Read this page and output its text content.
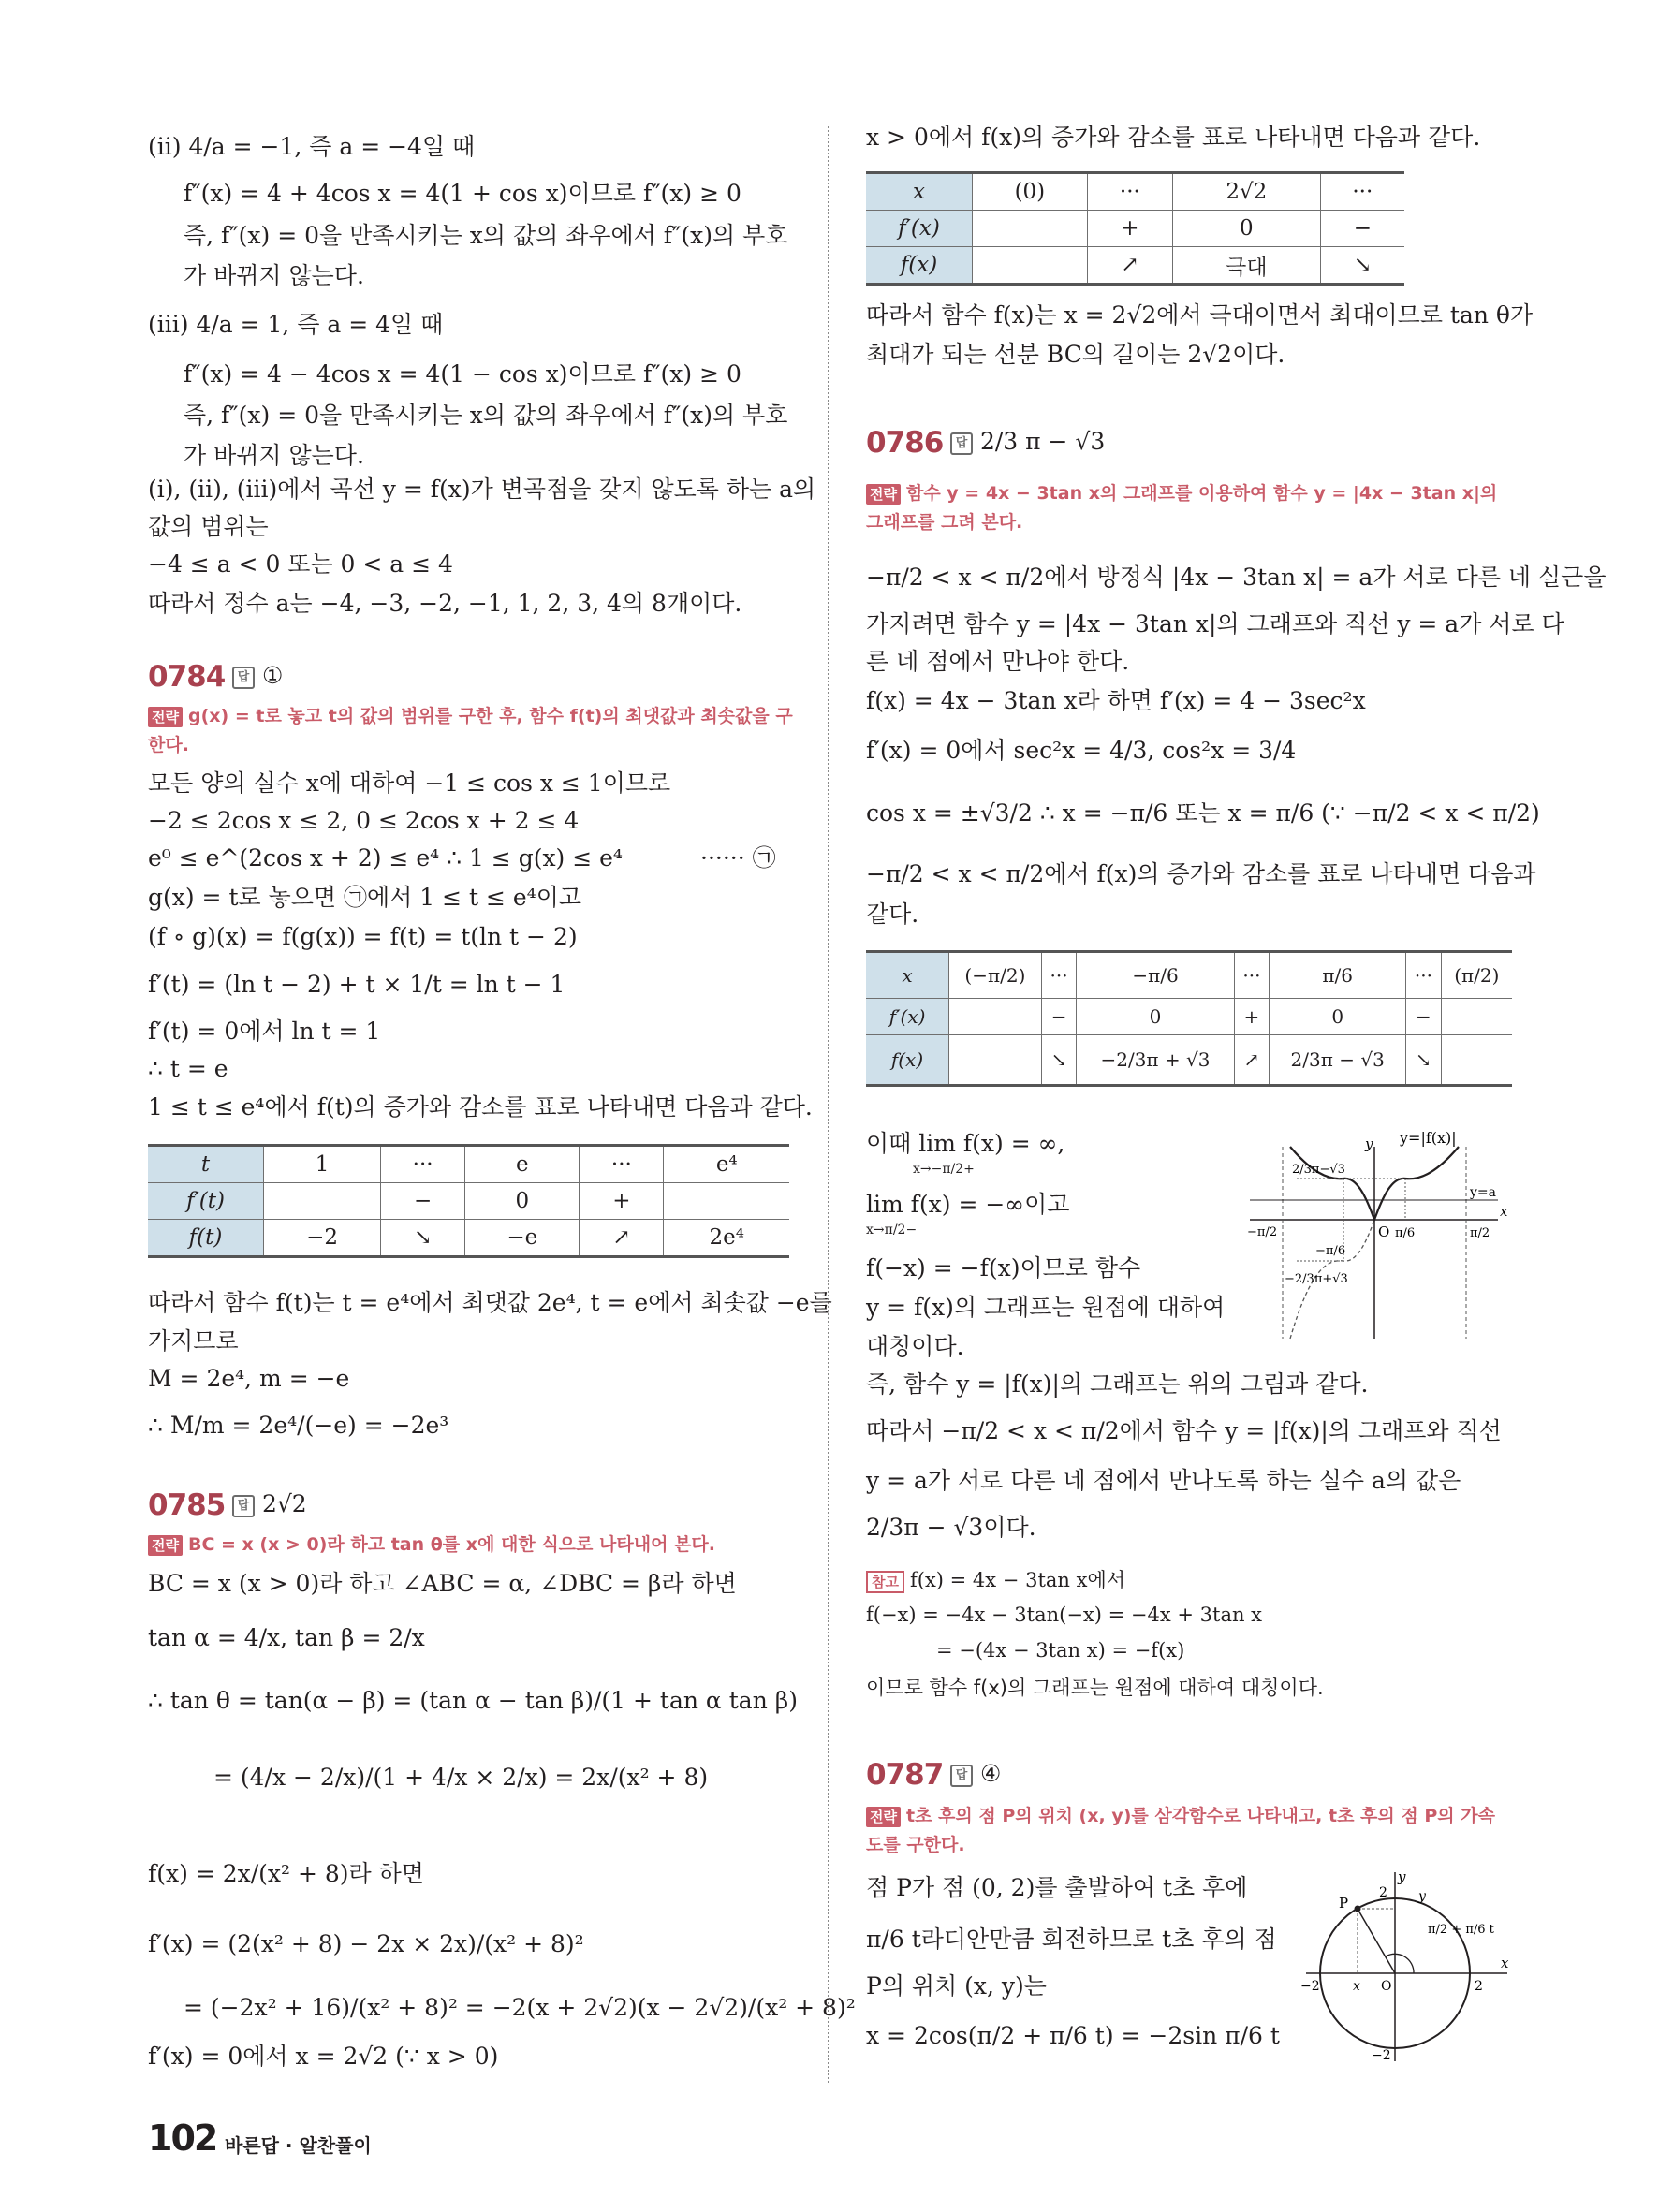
(ii) 4/a = −1, 즉 a = −4일 때
f″(x) = 4 + 4cos x = 4(1 + cos x)이므로 f″(x) ≥ 0
즉, f″(x) = 0을 만족시키는 x의 값의 좌우에서 f″(x)의 부호
가 바뀌지 않는다.
(iii) 4/a = 1, 즉 a = 4일 때
f″(x) = 4 − 4cos x = 4(1 − cos x)이므로 f″(x) ≥ 0
즉, f″(x) = 0을 만족시키는 x의 값의 좌우에서 f″(x)의 부호
가 바뀌지 않는다.
(i), (ii), (iii)에서 곡선 y = f(x)가 변곡점을 갖지 않도록 하는 a의
값의 범위는
−4 ≤ a < 0 또는 0 < a ≤ 4
따라서 정수 a는 −4, −3, −2, −1, 1, 2, 3, 4의 8개이다.
0784	답 ①
전략 g(x) = t로 놓고 t의 값의 범위를 구한 후, 함수 f(t)의 최댓값과 최솟값을 구한다.
모든 양의 실수 x에 대하여 −1 ≤ cos x ≤ 1이므로
−2 ≤ 2cos x ≤ 2, 0 ≤ 2cos x + 2 ≤ 4
e⁰ ≤ e^(2cos x + 2) ≤ e⁴ ∴ 1 ≤ g(x) ≤ e⁴	······ ㉠
g(x) = t로 놓으면 ㉠에서 1 ≤ t ≤ e⁴이고
(f ∘ g)(x) = f(g(x)) = f(t) = t(ln t − 2)
f′(t) = (ln t − 2) + t × 1/t = ln t − 1
f′(t) = 0에서 ln t = 1
∴ t = e
1 ≤ t ≤ e⁴에서 f(t)의 증가와 감소를 표로 나타내면 다음과 같다.
t	1	···	e	···	e⁴
f′(t)		−	0	+	
f(t)	−2	↘	−e	↗	2e⁴
따라서 함수 f(t)는 t = e⁴에서 최댓값 2e⁴, t = e에서 최솟값 −e를
가지므로
M = 2e⁴, m = −e
∴ M/m = 2e⁴/(−e) = −2e³
0785	답 2√2
전략 BC = x (x > 0)라 하고 tan θ를 x에 대한 식으로 나타내어 본다.
BC = x (x > 0)라 하고 ∠ABC = α, ∠DBC = β라 하면
tan α = 4/x, tan β = 2/x
∴ tan θ = tan(α − β) = (tan α − tan β)/(1 + tan α tan β)
= (4/x − 2/x)/(1 + 4/x × 2/x) = 2x/(x² + 8)
f(x) = 2x/(x² + 8)라 하면
f′(x) = (2(x² + 8) − 2x × 2x)/(x² + 8)²
= (−2x² + 16)/(x² + 8)² = −2(x + 2√2)(x − 2√2)/(x² + 8)²
f′(x) = 0에서 x = 2√2 (∵ x > 0)
x > 0에서 f(x)의 증가와 감소를 표로 나타내면 다음과 같다.
x	(0)	···	2√2	···
f′(x)		+	0	−
f(x)		↗	극대	↘
따라서 함수 f(x)는 x = 2√2에서 극대이면서 최대이므로 tan θ가
최대가 되는 선분 BC의 길이는 2√2이다.
0786	답 2/3 π − √3
전략 함수 y = 4x − 3tan x의 그래프를 이용하여 함수 y = |4x − 3tan x|의 그래프를 그려 본다.
−π/2 < x < π/2에서 방정식 |4x − 3tan x| = a가 서로 다른 네 실근을
가지려면 함수 y = |4x − 3tan x|의 그래프와 직선 y = a가 서로 다
른 네 점에서 만나야 한다.
f(x) = 4x − 3tan x라 하면 f′(x) = 4 − 3sec²x
f′(x) = 0에서 sec²x = 4/3, cos²x = 3/4
cos x = ±√3/2 ∴ x = −π/6 또는 x = π/6 (∵ −π/2 < x < π/2)
−π/2 < x < π/2에서 f(x)의 증가와 감소를 표로 나타내면 다음과
같다.
x	(−π/2)	···	−π/6	···	π/6	···	(π/2)
f′(x)		−	0	+	0	−	
f(x)		↘	−2/3π + √3	↗	2/3π − √3	↘	
이때 lim f(x) = ∞,
x→−π/2+
lim f(x) = −∞이고
x→π/2−
f(−x) = −f(x)이므로 함수
y = f(x)의 그래프는 원점에 대하여
대칭이다.
즉, 함수 y = |f(x)|의 그래프는 위의 그림과 같다.
따라서 −π/2 < x < π/2에서 함수 y = |f(x)|의 그래프와 직선
y = a가 서로 다른 네 점에서 만나도록 하는 실수 a의 값은
2/3π − √3이다.
y=|f(x)|
y
x
O
y=a
2/3π−√3
−2/3π+√3
−π/2
−π/6
π/6	π/2
참고 f(x) = 4x − 3tan x에서
f(−x) = −4x − 3tan(−x) = −4x + 3tan x
= −(4x − 3tan x) = −f(x)
이므로 함수 f(x)의 그래프는 원점에 대하여 대칭이다.
0787	답 ④
전략 t초 후의 점 P의 위치 (x, y)를 삼각함수로 나타내고, t초 후의 점 P의 가속도를 구한다.
점 P가 점 (0, 2)를 출발하여 t초 후에
π/6 t라디안만큼 회전하므로 t초 후의 점
P의 위치 (x, y)는
x = 2cos(π/2 + π/6 t) = −2sin π/6 t
y
x
P
2
2
−2
−2
O
x
y
π/2 + π/6 t
102 바른답 · 알찬풀이
